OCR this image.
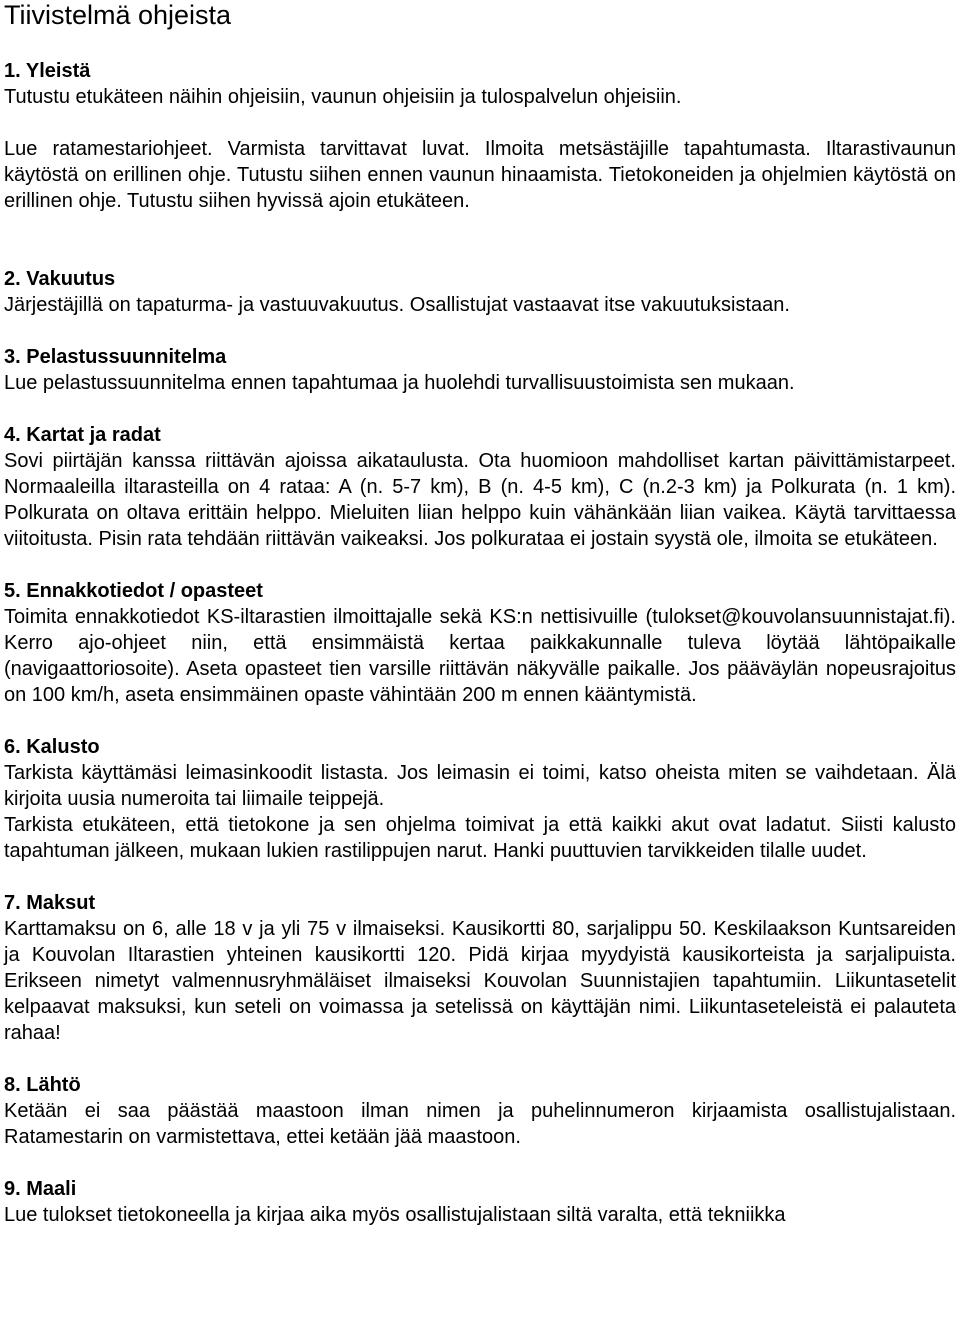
Tiivistelmä ohjeista
1. Yleistä
Tutustu etukäteen näihin ohjeisiin, vaunun ohjeisiin ja tulospalvelun ohjeisiin.
Lue ratamestariohjeet. Varmista tarvittavat luvat. Ilmoita metsästäjille tapahtumasta. Iltarastivaunun käytöstä on erillinen ohje. Tutustu siihen ennen vaunun hinaamista. Tietokoneiden ja ohjelmien käytöstä on erillinen ohje. Tutustu siihen hyvissä ajoin etukäteen.
2. Vakuutus
Järjestäjillä on tapaturma- ja vastuuvakuutus. Osallistujat vastaavat itse vakuutuksistaan.
3. Pelastussuunnitelma
Lue pelastussuunnitelma ennen tapahtumaa ja huolehdi turvallisuustoimista sen mukaan.
4. Kartat ja radat
Sovi piirtäjän kanssa riittävän ajoissa aikataulusta. Ota huomioon mahdolliset kartan päivittämistarpeet. Normaaleilla iltarasteilla on 4 rataa: A (n. 5-7 km), B (n. 4-5 km), C (n.2-3 km) ja Polkurata (n. 1 km). Polkurata on oltava erittäin helppo. Mieluiten liian helppo kuin vähänkään liian vaikea. Käytä tarvittaessa viitoitusta. Pisin rata tehdään riittävän vaikeaksi. Jos polkurataa ei jostain syystä ole, ilmoita se etukäteen.
5. Ennakkotiedot / opasteet
Toimita ennakkotiedot KS-iltarastien ilmoittajalle sekä KS:n nettisivuille (tulokset@kouvolansuunnistajat.fi). Kerro ajo-ohjeet niin, että ensimmäistä kertaa paikkakunnalle tuleva löytää lähtöpaikalle (navigaattoriosoite). Aseta opasteet tien varsille riittävän näkyvälle paikalle. Jos pääväylän nopeusrajoitus on 100 km/h, aseta ensimmäinen opaste vähintään 200 m ennen kääntymistä.
6. Kalusto
Tarkista käyttämäsi leimasinkoodit listasta. Jos leimasin ei toimi, katso oheista miten se vaihdetaan. Älä kirjoita uusia numeroita tai liimaile teippejä.
Tarkista etukäteen, että tietokone ja sen ohjelma toimivat ja että kaikki akut ovat ladatut. Siisti kalusto tapahtuman jälkeen, mukaan lukien rastilippujen narut. Hanki puuttuvien tarvikkeiden tilalle uudet.
7. Maksut
Karttamaksu on 6, alle 18 v ja yli 75 v ilmaiseksi. Kausikortti 80, sarjalippu 50. Keskilaakson Kuntsareiden ja Kouvolan Iltarastien yhteinen kausikortti 120. Pidä kirjaa myydyistä kausikorteista ja sarjalipuista. Erikseen nimetyt valmennusryhmäläiset ilmaiseksi Kouvolan Suunnistajien tapahtumiin. Liikuntasetelit kelpaavat maksuksi, kun seteli on voimassa ja setelissä on käyttäjän nimi. Liikuntaseteleistä ei palauteta rahaa!
8. Lähtö
Ketään ei saa päästää maastoon ilman nimen ja puhelinnumeron kirjaamista osallistujalistaan. Ratamestarin on varmistettava, ettei ketään jää maastoon.
9. Maali
Lue tulokset tietokoneella ja kirjaa aika myös osallistujalistaan siltä varalta, että tekniikka
